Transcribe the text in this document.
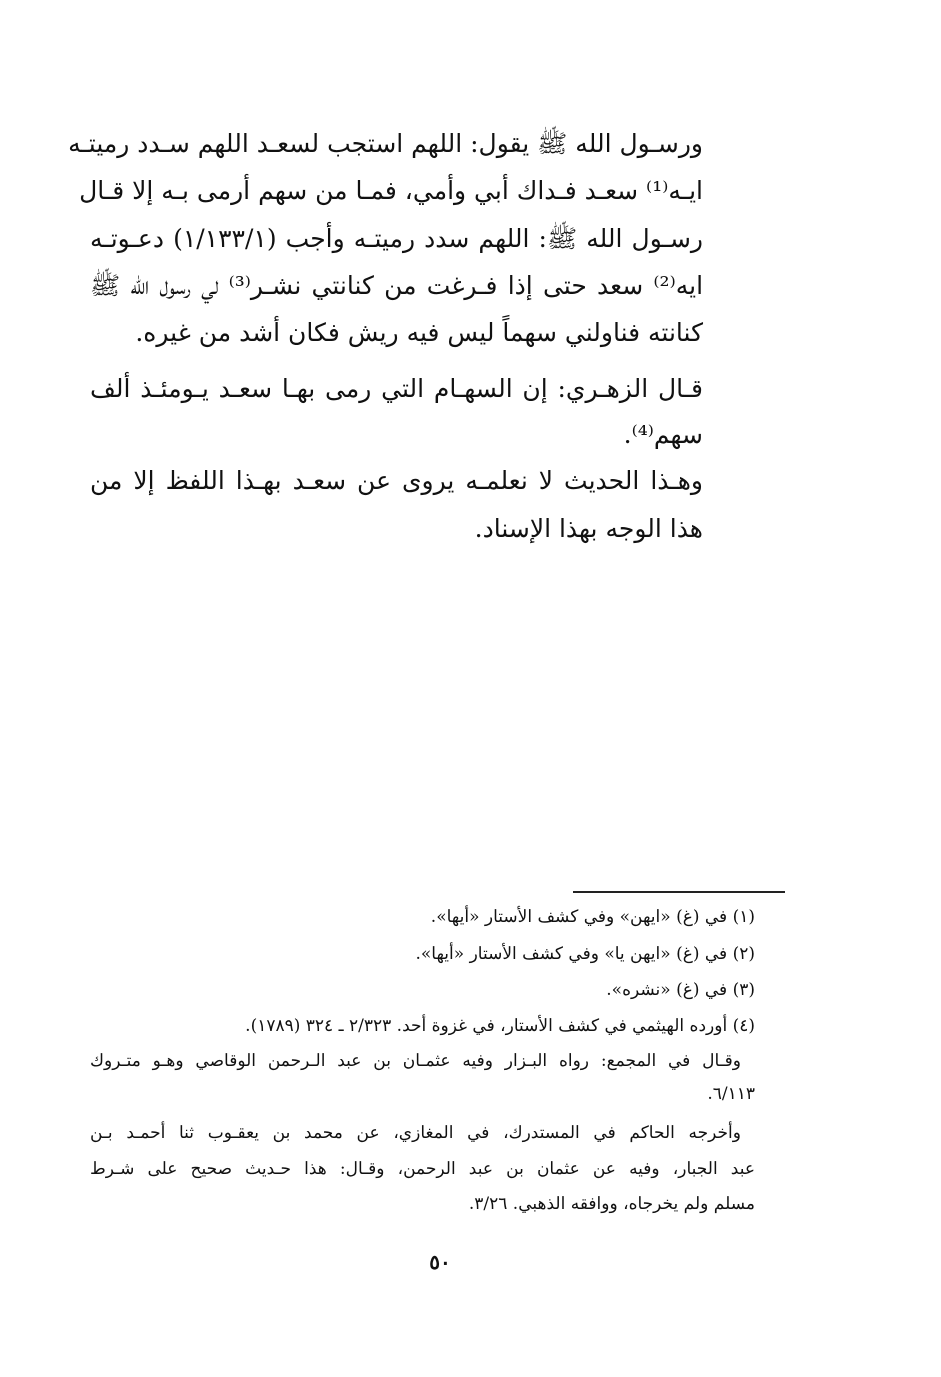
ورسـول الله ﷺ يقول: اللهم استجب لسعـد اللهم سـدد رميتـه
ايـه⁽¹⁾ سعـد فـداك أبي وأمي، فمـا من سهم أرمى بـه إلا قـال
رسـول الله ﷺ: اللهم سدد رميتـه وأجب (١/١٣٣/١) دعـوتـه
ايه⁽²⁾ سعد حتى إذا فـرغت من كنانتي نشـر⁽³⁾ لي رسول الله ﷺ
كنانته فناولني سهماً ليس فيه ريش فكان أشد من غيره.
قـال الزهـري: إن السهـام التي رمى بهـا سعـد يـومئـذ ألف
سهم⁽⁴⁾.
وهـذا الحديث لا نعلمـه يروى عن سعـد بهـذا اللفظ إلا من
هذا الوجه بهذا الإسناد.
(١) في (غ) «ايهن» وفي كشف الأستار «أيها».
(٢) في (غ) «ايهن يا» وفي كشف الأستار «أيها».
(٣) في (غ) «نشره».
(٤) أورده الهيثمي في كشف الأستار، في غزوة أحد. ٢/٣٢٣ ـ ٣٢٤ (١٧٨٩).
وقـال في المجمع: رواه البـزار وفيه عثمـان بن عبد الـرحمن الوقاصي وهـو متـروك
٦/١١٣.
وأخرجه الحاكم في المستدرك، في المغازي، عن محمد بن يعقـوب ثنا أحمـد بـن
عبد الجبار، وفيه عن عثمان بن عبد الرحمن، وقـال: هذا حـديث صحيح على شـرط
مسلم ولم يخرجاه، ووافقه الذهبي. ٣/٢٦.
٥٠
